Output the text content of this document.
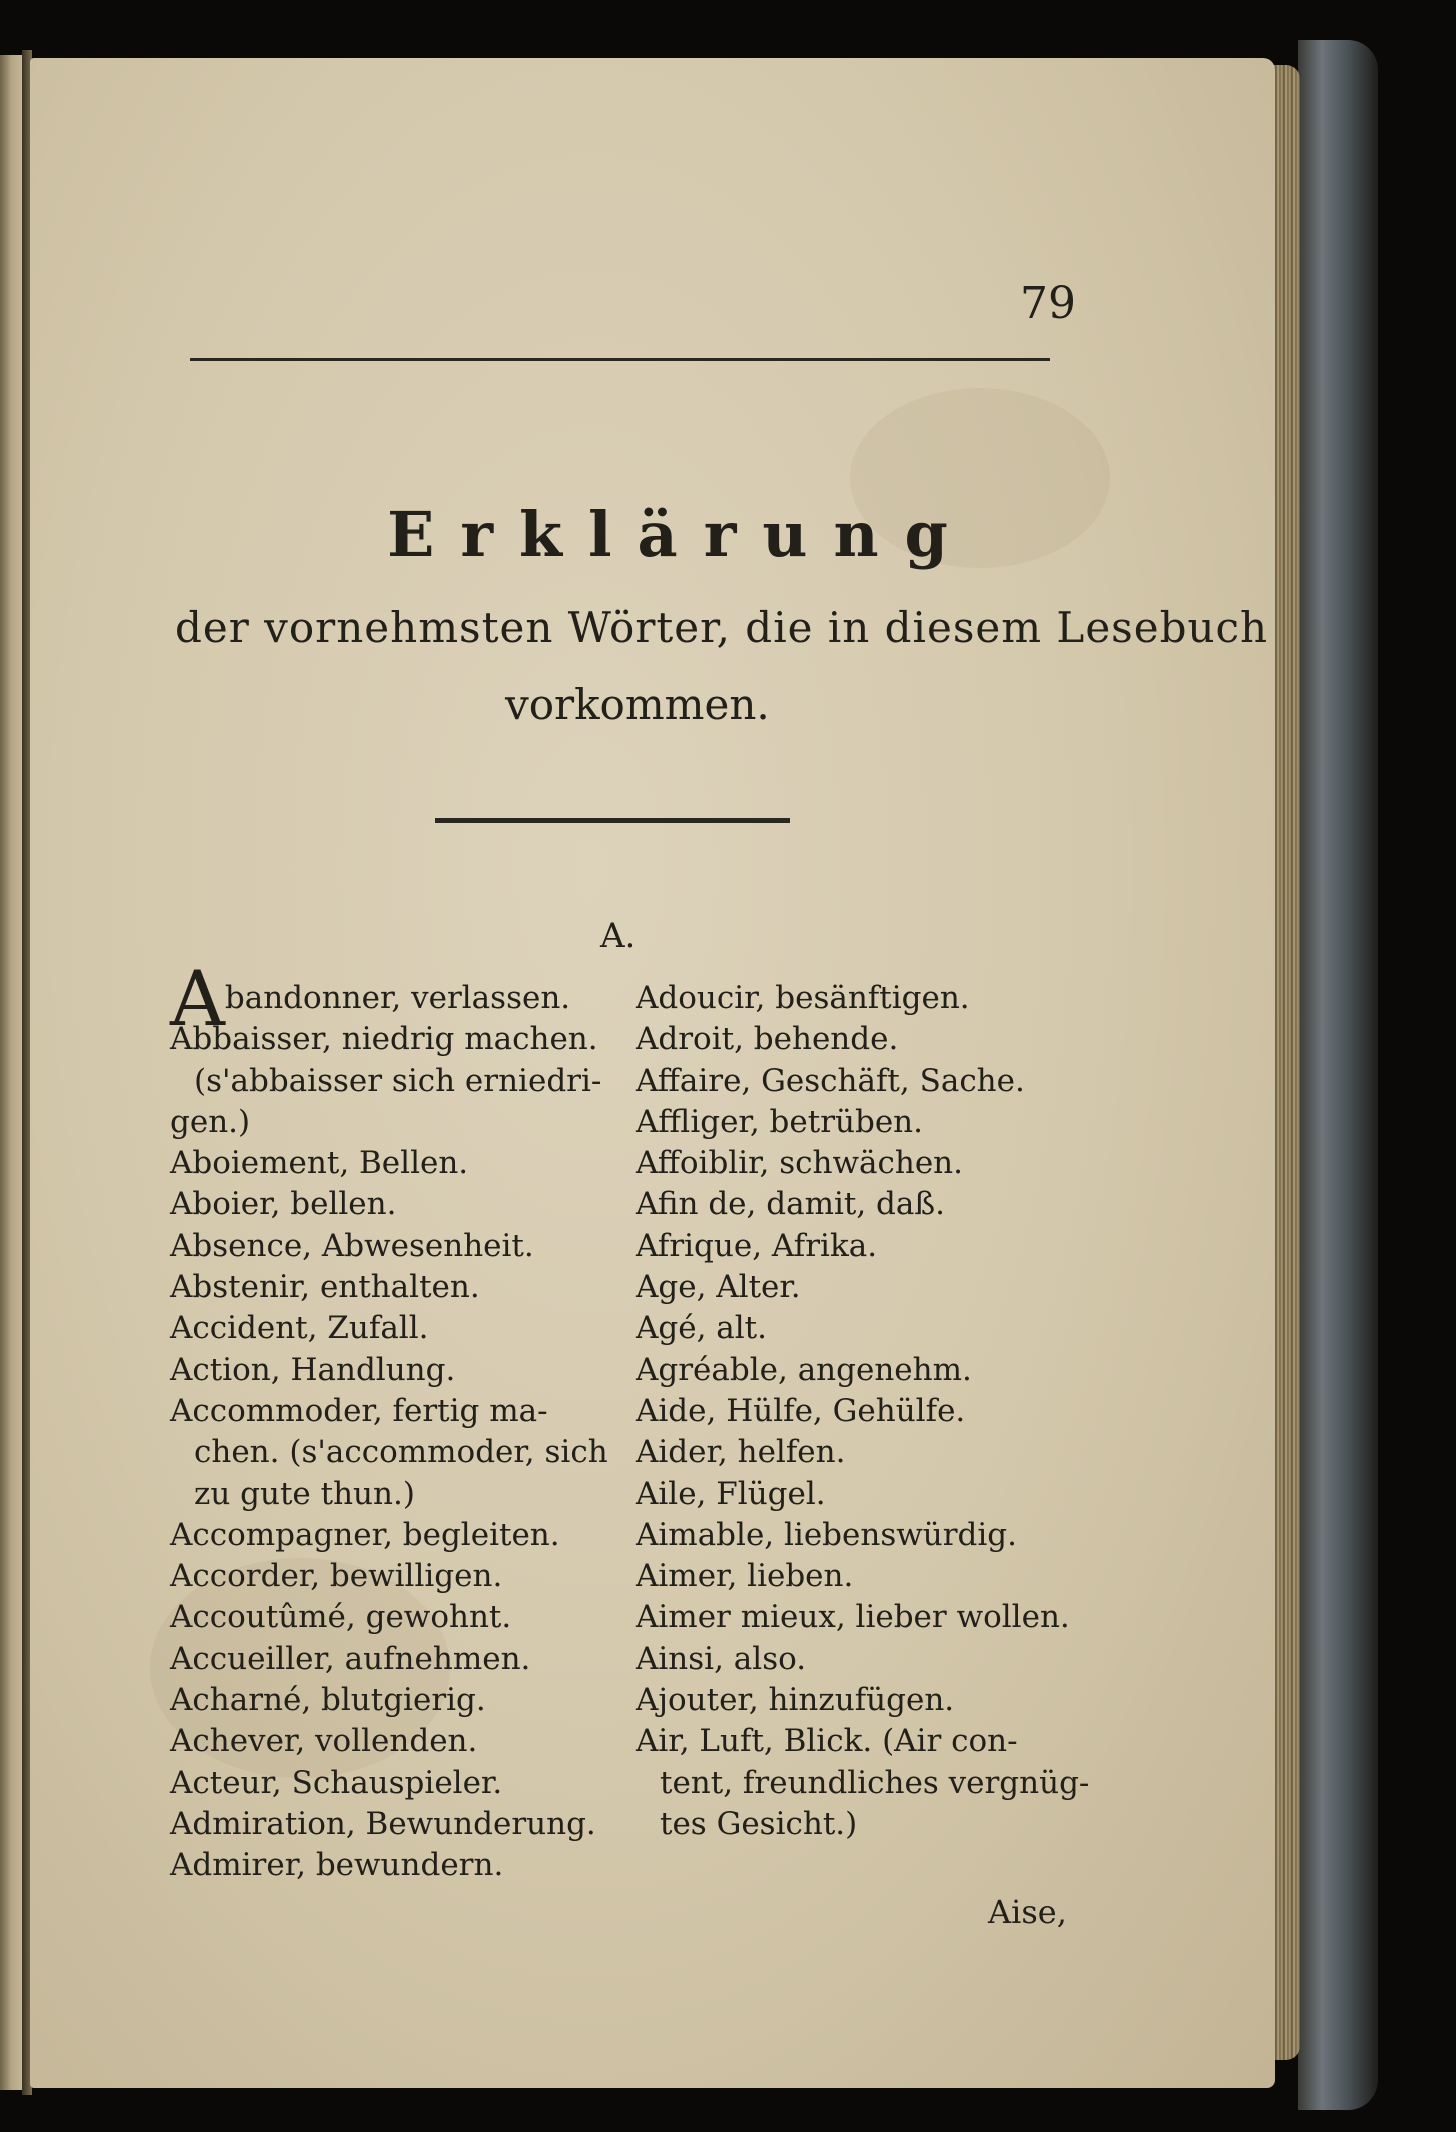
79
Erklärung
der vornehmsten Wörter, die in diesem Lesebuch
vorkommen.
A.
Abandonner, verlassen.
Abbaisser, niedrig machen.
(s'abbaisser sich erniedri-
gen.)
Aboiement, Bellen.
Aboier, bellen.
Absence, Abwesenheit.
Abstenir, enthalten.
Accident, Zufall.
Action, Handlung.
Accommoder, fertig ma-
chen. (s'accommoder, sich
zu gute thun.)
Accompagner, begleiten.
Accorder, bewilligen.
Accoutûmé, gewohnt.
Accueiller, aufnehmen.
Acharné, blutgierig.
Achever, vollenden.
Acteur, Schauspieler.
Admiration, Bewunderung.
Admirer, bewundern.
Adoucir, besänftigen.
Adroit, behende.
Affaire, Geschäft, Sache.
Affliger, betrüben.
Affoiblir, schwächen.
Afin de, damit, daß.
Afrique, Afrika.
Age, Alter.
Agé, alt.
Agréable, angenehm.
Aide, Hülfe, Gehülfe.
Aider, helfen.
Aile, Flügel.
Aimable, liebenswürdig.
Aimer, lieben.
Aimer mieux, lieber wollen.
Ainsi, also.
Ajouter, hinzufügen.
Air, Luft, Blick. (Air con-
tent, freundliches vergnüg-
tes Gesicht.)
Aise,
